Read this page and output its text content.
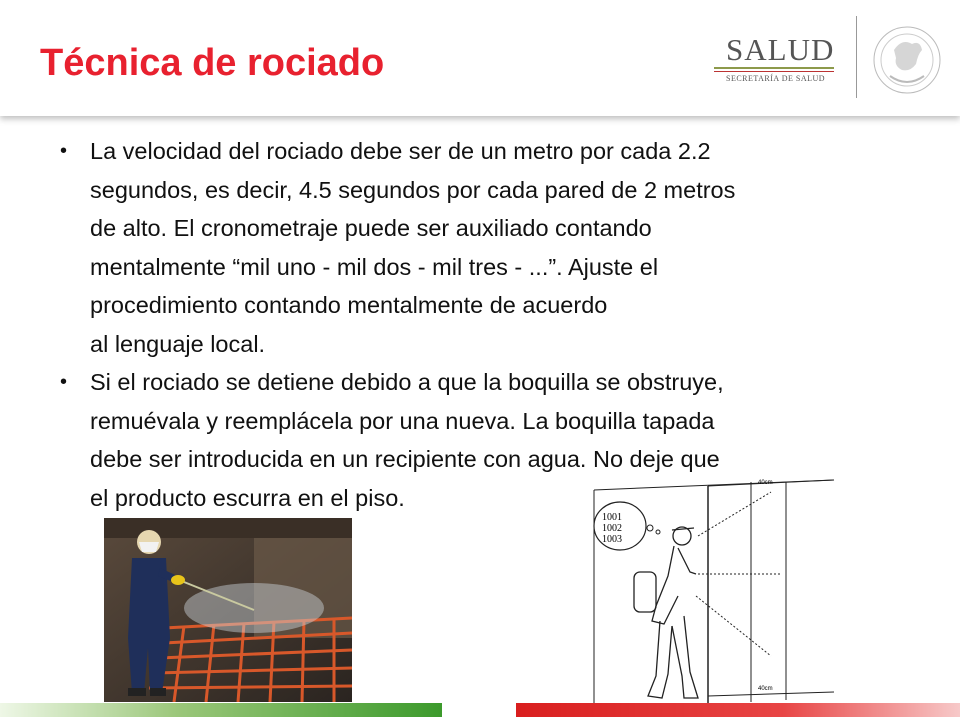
Técnica de rociado	SALUD
SECRETARÍA DE SALUD
• La velocidad del rociado debe ser de un metro por cada 2.2
segundos, es decir, 4.5 segundos por cada pared de 2 metros
de alto. El cronometraje puede ser auxiliado contando
mentalmente “mil uno - mil dos - mil tres - ...”. Ajuste el
procedimiento contando mentalmente de acuerdo
al lenguaje local.
• Si el rociado se detiene debido a que la boquilla se obstruye,
remuévala y reemplácela por una nueva. La boquilla tapada
debe ser introducida en un recipiente con agua. No deje que
el producto escurra en el piso.
40cm
40cm
1001
1002
1003
